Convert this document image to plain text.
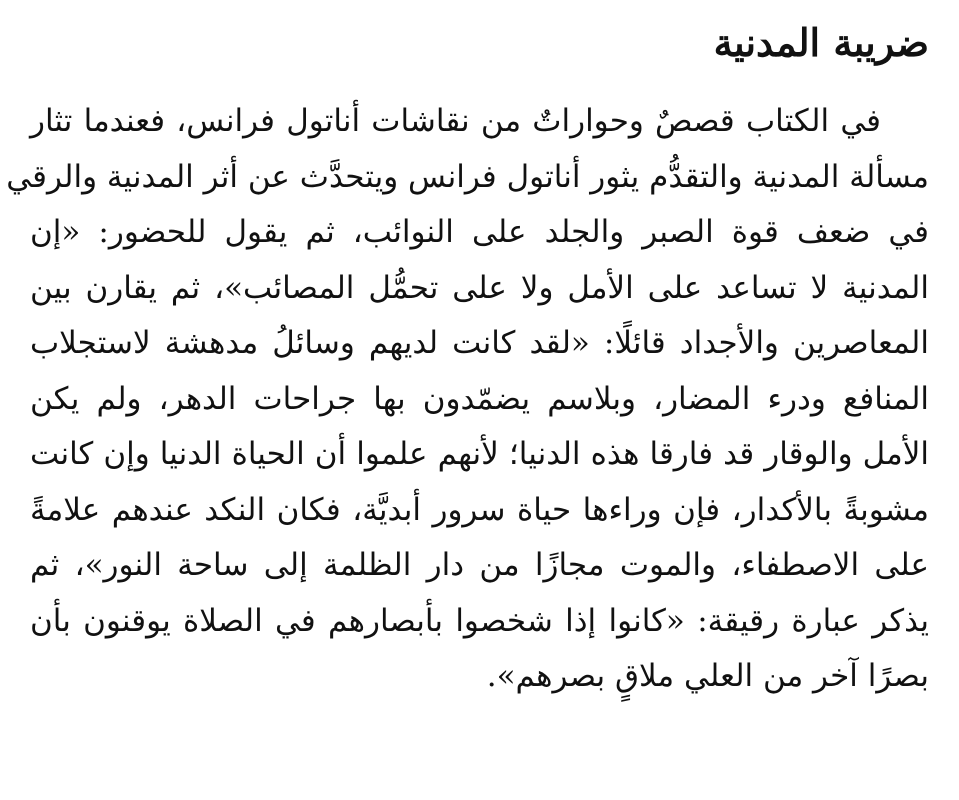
ضريبة المدنية
في الكتاب قصصٌ وحواراتٌ من نقاشات أناتول فرانس، فعندما تثار
مسألة المدنية والتقدُّم يثور أناتول فرانس ويتحدَّث عن أثر المدنية والرقي
في ضعف قوة الصبر والجلد على النوائب، ثم يقول للحضور: «إن
المدنية لا تساعد على الأمل ولا على تحمُّل المصائب»، ثم يقارن بين
المعاصرين والأجداد قائلًا: «لقد كانت لديهم وسائلُ مدهشة لاستجلاب
المنافع ودرء المضار، وبلاسم يضمّدون بها جراحات الدهر، ولم يكن
الأمل والوقار قد فارقا هذه الدنيا؛ لأنهم علموا أن الحياة الدنيا وإن كانت
مشوبةً بالأكدار، فإن وراءها حياة سرور أبديَّة، فكان النكد عندهم علامةً
على الاصطفاء، والموت مجازًا من دار الظلمة إلى ساحة النور»، ثم
يذكر عبارة رقيقة: «كانوا إذا شخصوا بأبصارهم في الصلاة يوقنون بأن
بصرًا آخر من العلي ملاقٍ بصرهم».
